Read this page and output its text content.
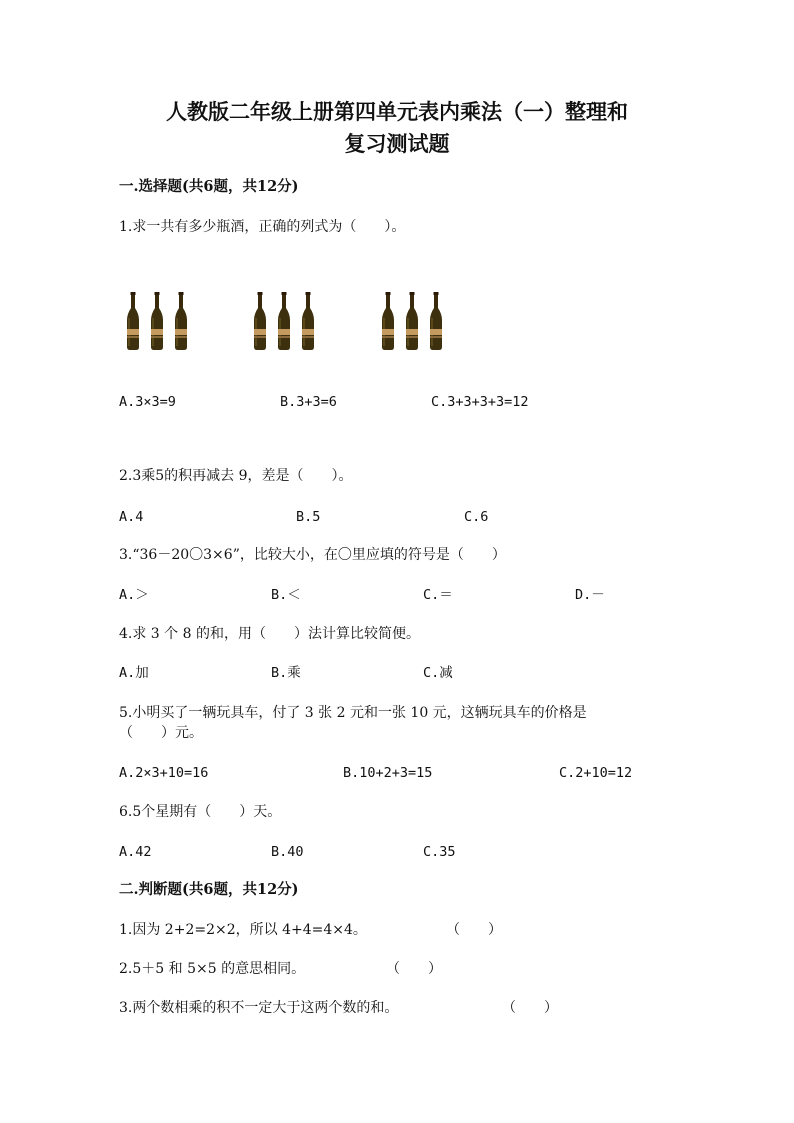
人教版二年级上册第四单元表内乘法（一）整理和
复习测试题
一.选择题(共6题，共12分)
1.求一共有多少瓶酒，正确的列式为（　　）。
A.3×3=9	B.3+3=6	C.3+3+3+3=12
2.3乘5的积再减去 9，差是（　　）。
A.4	B.5	C.6
3.“36－20〇3×6”，比较大小，在〇里应填的符号是（　　）
A.＞	B.＜	C.＝	D.－
4.求 3 个 8 的和，用（　　）法计算比较简便。
A.加	B.乘	C.减
5.小明买了一辆玩具车，付了 3 张 2 元和一张 10 元，这辆玩具车的价格是
（　　）元。
A.2×3+10=16	B.10+2+3=15	C.2+10=12
6.5个星期有（　　）天。
A.42	B.40	C.35
二.判断题(共6题，共12分)
1.因为 2+2=2×2，所以 4+4=4×4。	（　　）
2.5＋5 和 5×5 的意思相同。	（　　）
3.两个数相乘的积不一定大于这两个数的和。	（　　）
